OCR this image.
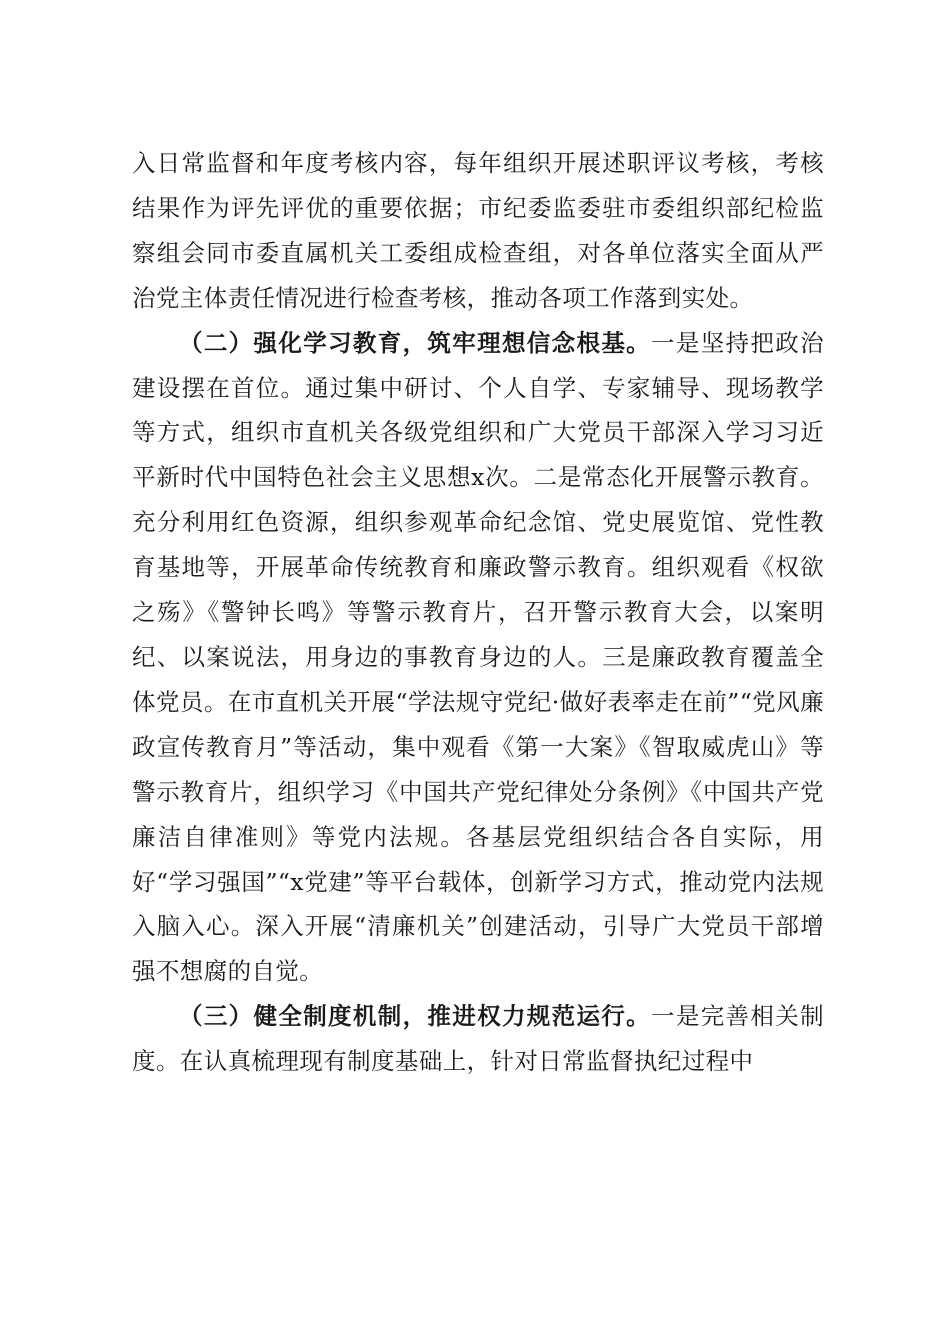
入日常监督和年度考核内容，每年组织开展述职评议考核，考核结果作为评先评优的重要依据；市纪委监委驻市委组织部纪检监察组会同市委直属机关工委组成检查组，对各单位落实全面从严治党主体责任情况进行检查考核，推动各项工作落到实处。

（二）强化学习教育，筑牢理想信念根基。一是坚持把政治建设摆在首位。通过集中研讨、个人自学、专家辅导、现场教学等方式，组织市直机关各级党组织和广大党员干部深入学习习近平新时代中国特色社会主义思想x次。二是常态化开展警示教育。充分利用红色资源，组织参观革命纪念馆、党史展览馆、党性教育基地等，开展革命传统教育和廉政警示教育。组织观看《权欲之殇》《警钟长鸣》等警示教育片，召开警示教育大会，以案明纪、以案说法，用身边的事教育身边的人。三是廉政教育覆盖全体党员。在市直机关开展“学法规守党纪·做好表率走在前”“党风廉政宣传教育月”等活动，集中观看《第一大案》《智取威虎山》等警示教育片，组织学习《中国共产党纪律处分条例》《中国共产党廉洁自律准则》等党内法规。各基层党组织结合各自实际，用好“学习强国”“x党建”等平台载体，创新学习方式，推动党内法规入脑入心。深入开展“清廉机关”创建活动，引导广大党员干部增强不想腐的自觉。

（三）健全制度机制，推进权力规范运行。一是完善相关制度。在认真梳理现有制度基础上，针对日常监督执纪过程中
